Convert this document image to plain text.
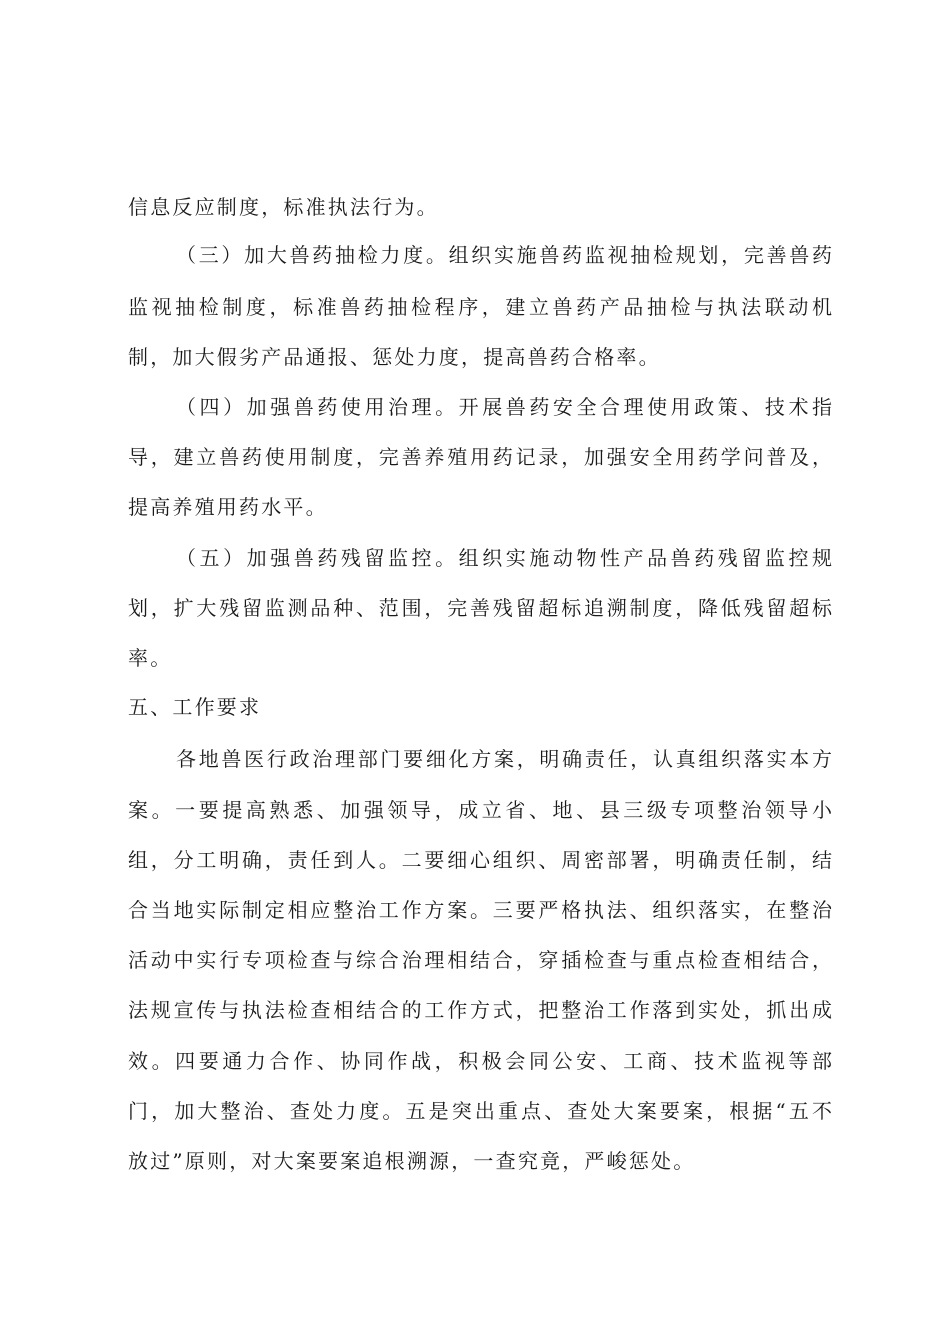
信息反应制度，标准执法行为。
（三）加大兽药抽检力度。组织实施兽药监视抽检规划，完善兽药
监视抽检制度，标准兽药抽检程序，建立兽药产品抽检与执法联动机
制，加大假劣产品通报、惩处力度，提高兽药合格率。
（四）加强兽药使用治理。开展兽药安全合理使用政策、技术指
导，建立兽药使用制度，完善养殖用药记录，加强安全用药学问普及，
提高养殖用药水平。
（五）加强兽药残留监控。组织实施动物性产品兽药残留监控规
划，扩大残留监测品种、范围，完善残留超标追溯制度，降低残留超标
率。
五、工作要求
各地兽医行政治理部门要细化方案，明确责任，认真组织落实本方
案。一要提高熟悉、加强领导，成立省、地、县三级专项整治领导小
组，分工明确，责任到人。二要细心组织、周密部署，明确责任制，结
合当地实际制定相应整治工作方案。三要严格执法、组织落实，在整治
活动中实行专项检查与综合治理相结合，穿插检查与重点检查相结合，
法规宣传与执法检查相结合的工作方式，把整治工作落到实处，抓出成
效。四要通力合作、协同作战，积极会同公安、工商、技术监视等部
门，加大整治、查处力度。五是突出重点、查处大案要案，根据“五不
放过”原则，对大案要案追根溯源，一查究竟，严峻惩处。
